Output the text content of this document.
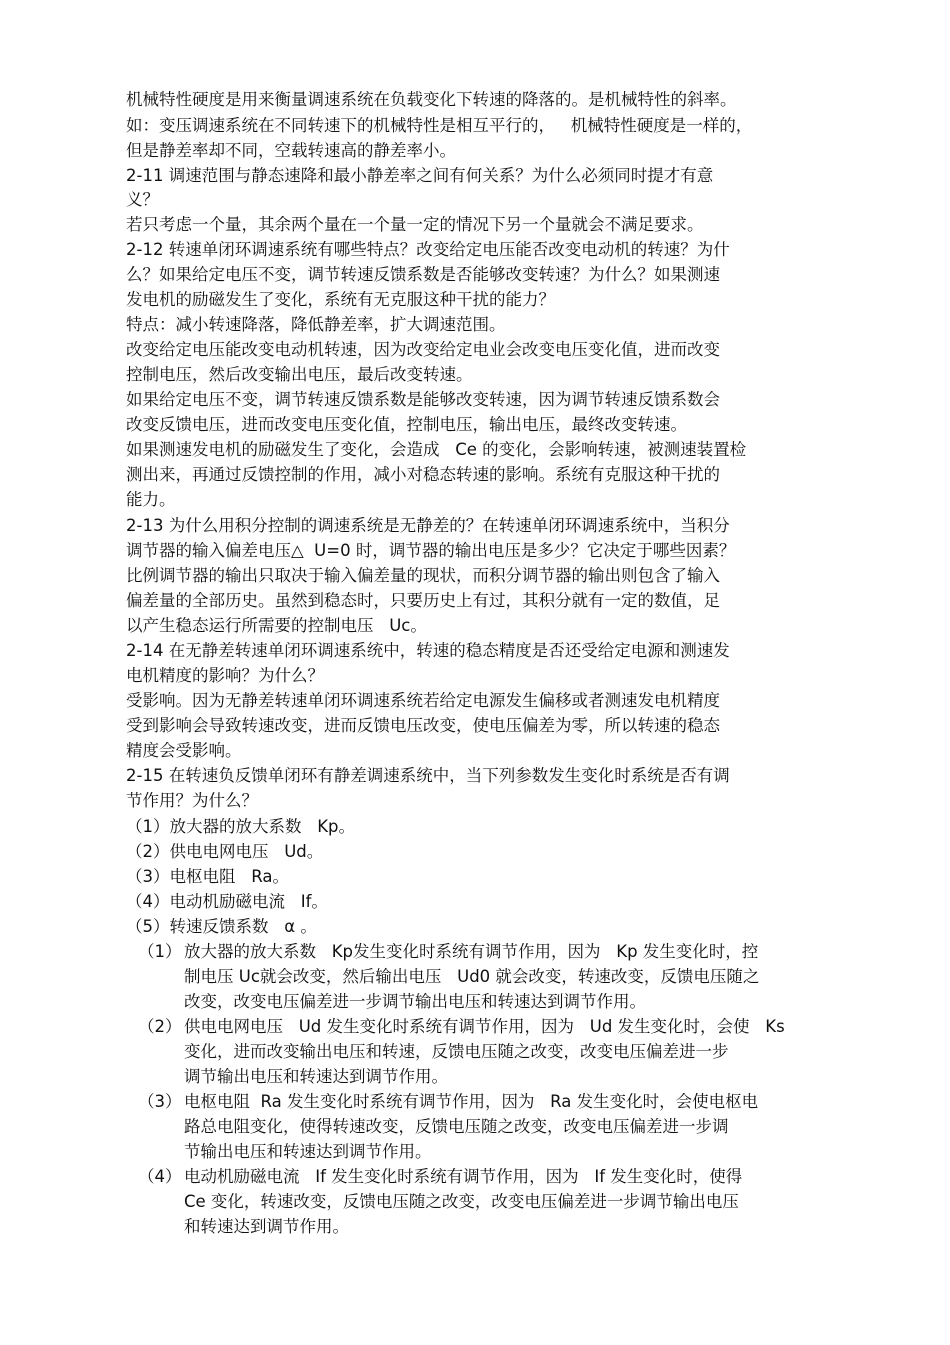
机械特性硬度是用来衡量调速系统在负载变化下转速的降落的。是机械特性的斜率。
如：变压调速系统在不同转速下的机械特性是相互平行的，   机械特性硬度是一样的，
但是静差率却不同，空载转速高的静差率小。
2-11 调速范围与静态速降和最小静差率之间有何关系？为什么必须同时提才有意
义？
若只考虑一个量，其余两个量在一个量一定的情况下另一个量就会不满足要求。
2-12 转速单闭环调速系统有哪些特点？改变给定电压能否改变电动机的转速？为什
么？如果给定电压不变，调节转速反馈系数是否能够改变转速？为什么？如果测速
发电机的励磁发生了变化，系统有无克服这种干扰的能力？
特点：减小转速降落，降低静差率，扩大调速范围。
改变给定电压能改变电动机转速，因为改变给定电业会改变电压变化值，进而改变
控制电压，然后改变输出电压，最后改变转速。
如果给定电压不变，调节转速反馈系数是能够改变转速，因为调节转速反馈系数会
改变反馈电压，进而改变电压变化值，控制电压，输出电压，最终改变转速。
如果测速发电机的励磁发生了变化，会造成   Ce 的变化，会影响转速，被测速装置检
测出来，再通过反馈控制的作用，减小对稳态转速的影响。系统有克服这种干扰的
能力。
2-13 为什么用积分控制的调速系统是无静差的？在转速单闭环调速系统中，当积分
调节器的输入偏差电压△  U=0 时，调节器的输出电压是多少？它决定于哪些因素？
比例调节器的输出只取决于输入偏差量的现状，而积分调节器的输出则包含了输入
偏差量的全部历史。虽然到稳态时，只要历史上有过，其积分就有一定的数值，足
以产生稳态运行所需要的控制电压   Uc。
2-14 在无静差转速单闭环调速系统中，转速的稳态精度是否还受给定电源和测速发
电机精度的影响？为什么？
受影响。因为无静差转速单闭环调速系统若给定电源发生偏移或者测速发电机精度
受到影响会导致转速改变，进而反馈电压改变，使电压偏差为零，所以转速的稳态
精度会受影响。
2-15 在转速负反馈单闭环有静差调速系统中，当下列参数发生变化时系统是否有调
节作用？为什么？
（1）放大器的放大系数   Kp。
（2）供电电网电压   Ud。
（3）电枢电阻   Ra。
（4）电动机励磁电流   If。
（5）转速反馈系数   α 。
（1） 放大器的放大系数   Kp发生变化时系统有调节作用，因为   Kp 发生变化时，控
制电压 Uc就会改变，然后输出电压   Ud0 就会改变，转速改变，反馈电压随之
改变，改变电压偏差进一步调节输出电压和转速达到调节作用。
（2） 供电电网电压   Ud 发生变化时系统有调节作用，因为   Ud 发生变化时，会使   Ks
变化，进而改变输出电压和转速，反馈电压随之改变，改变电压偏差进一步
调节输出电压和转速达到调节作用。
（3） 电枢电阻  Ra 发生变化时系统有调节作用，因为   Ra 发生变化时，会使电枢电
路总电阻变化，使得转速改变，反馈电压随之改变，改变电压偏差进一步调
节输出电压和转速达到调节作用。
（4） 电动机励磁电流   If 发生变化时系统有调节作用，因为   If 发生变化时，使得
Ce 变化，转速改变，反馈电压随之改变，改变电压偏差进一步调节输出电压
和转速达到调节作用。
